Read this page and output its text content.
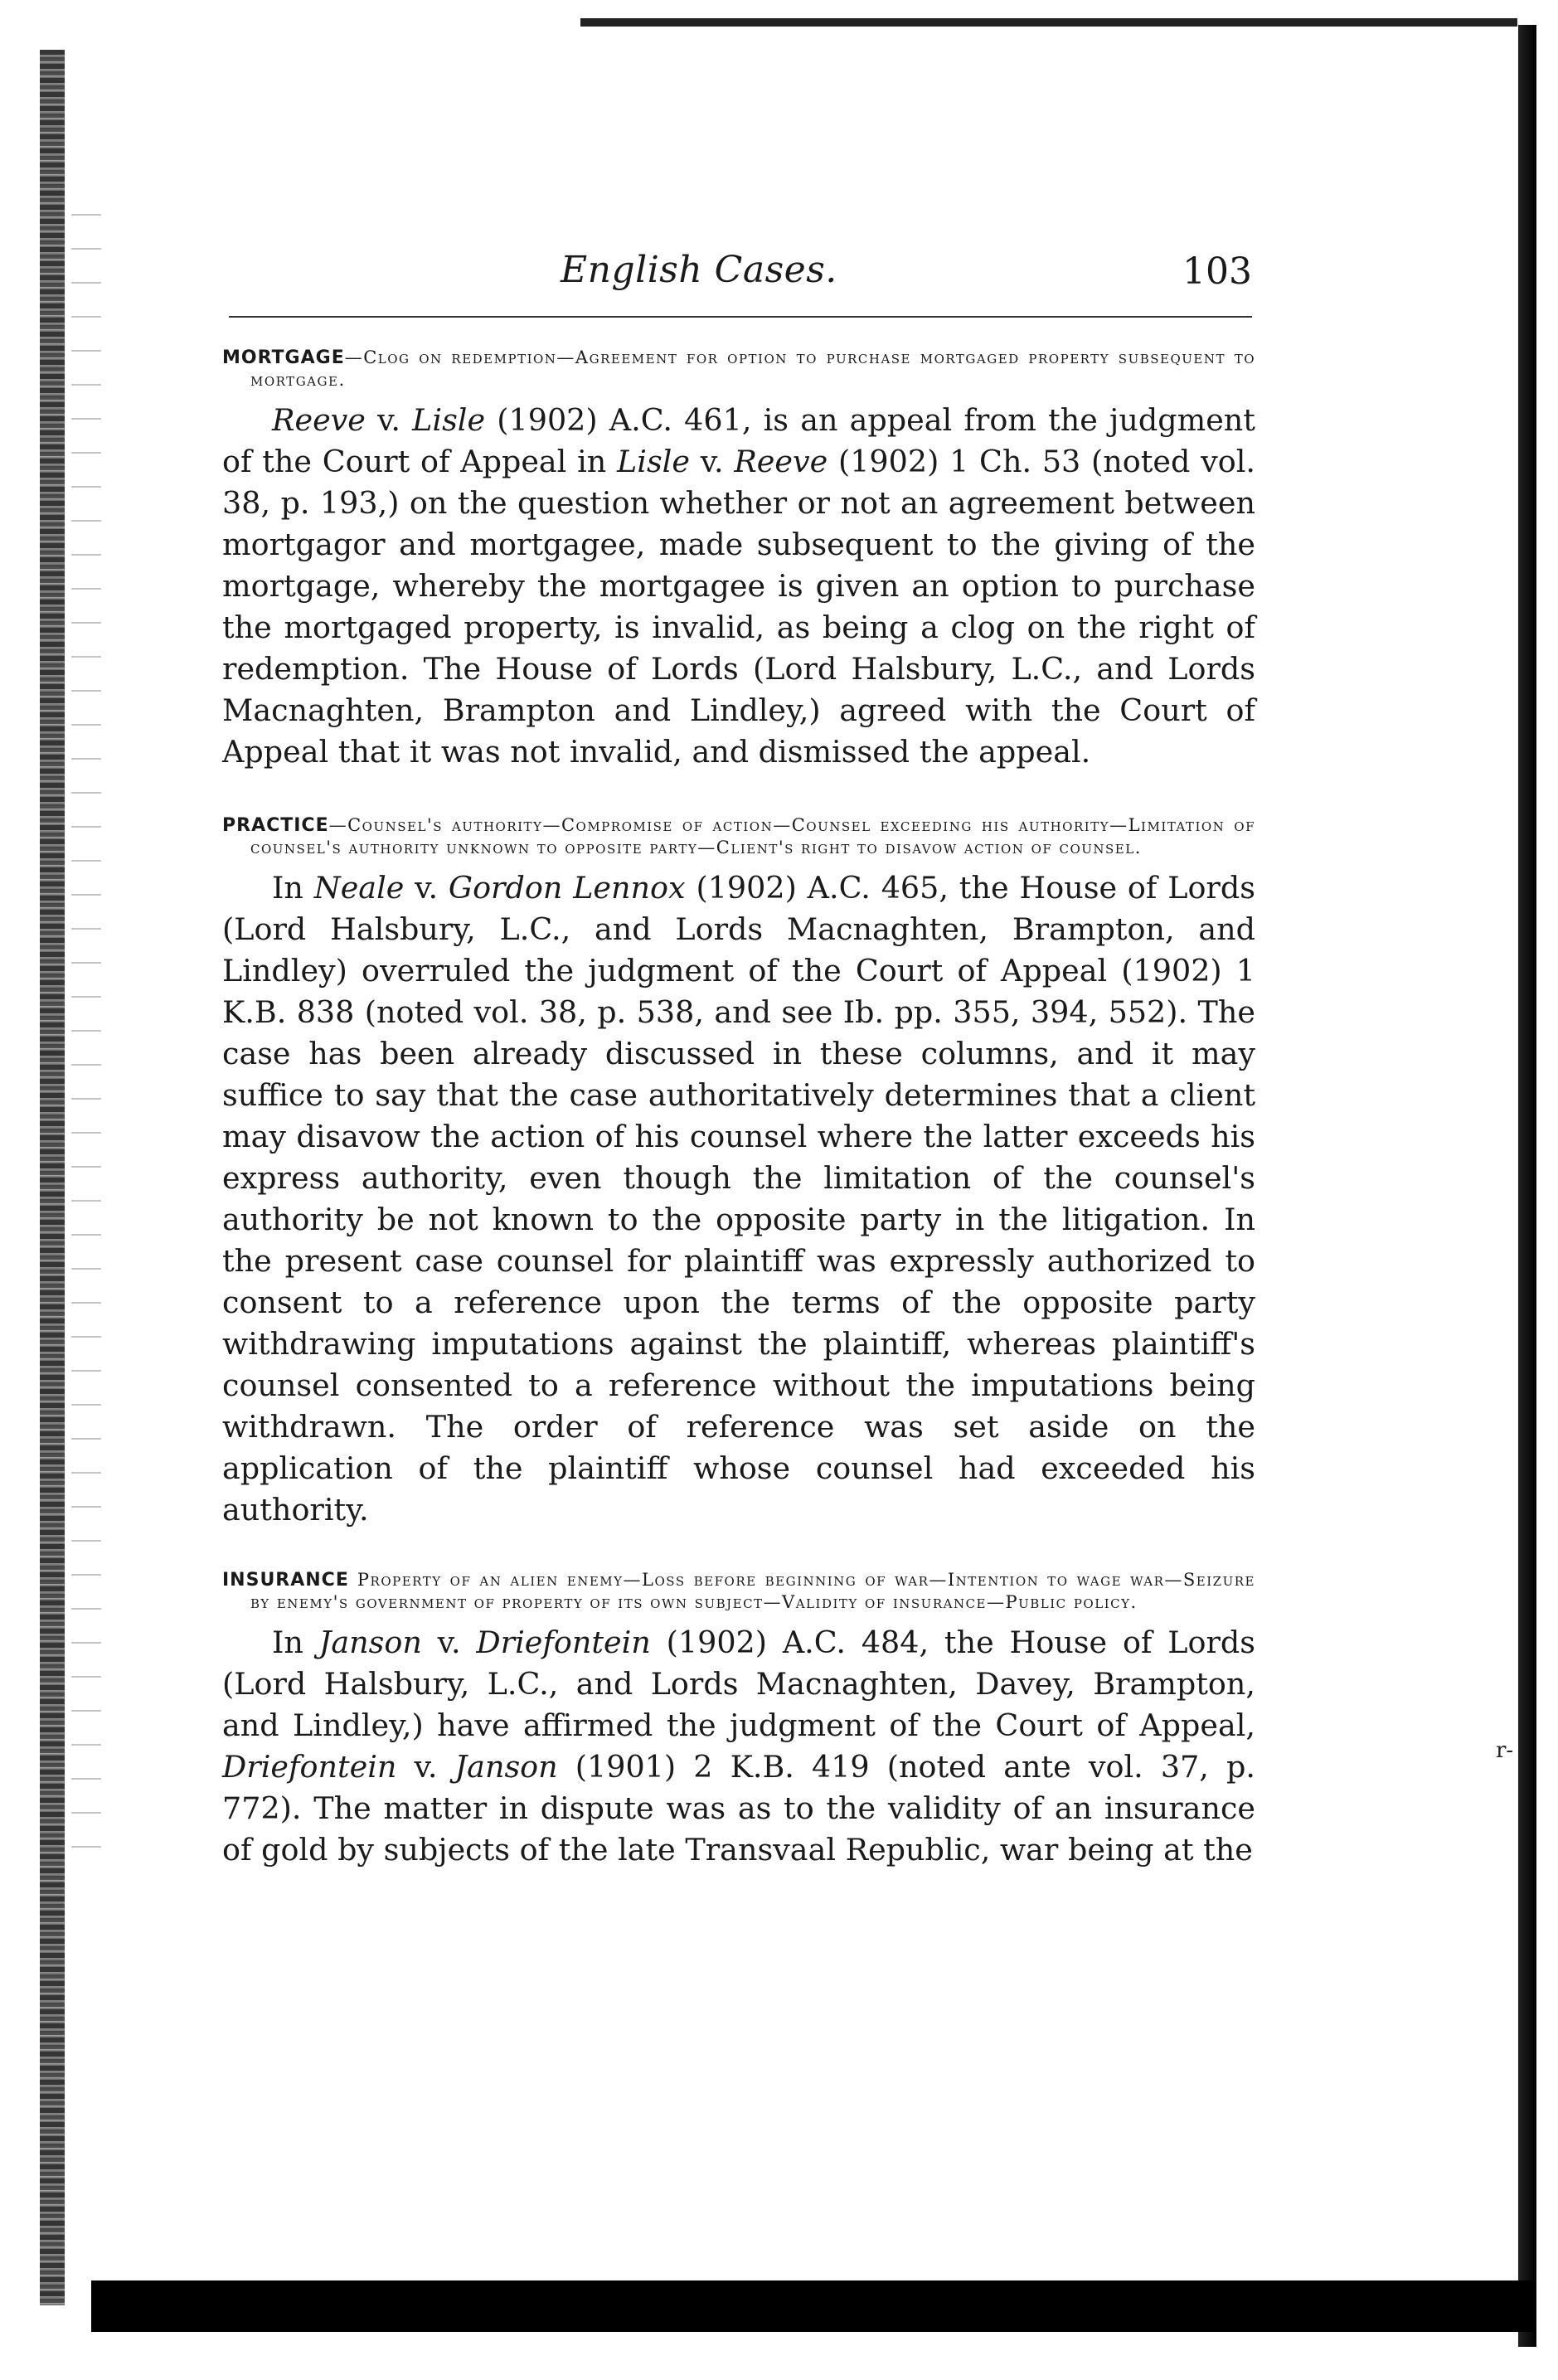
r-
English Cases.	103

MORTGAGE—Clog on redemption—Agreement for option to purchase mortgaged property subsequent to mortgage.

Reeve v. Lisle (1902) A.C. 461, is an appeal from the judgment of the Court of Appeal in Lisle v. Reeve (1902) 1 Ch. 53 (noted vol. 38, p. 193,) on the question whether or not an agreement between mortgagor and mortgagee, made subsequent to the giving of the mortgage, whereby the mortgagee is given an option to purchase the mortgaged property, is invalid, as being a clog on the right of redemption. The House of Lords (Lord Halsbury, L.C., and Lords Macnaghten, Brampton and Lindley,) agreed with the Court of Appeal that it was not invalid, and dismissed the appeal.

PRACTICE—Counsel's authority—Compromise of action—Counsel exceeding his authority—Limitation of counsel's authority unknown to opposite party—Client's right to disavow action of counsel.

In Neale v. Gordon Lennox (1902) A.C. 465, the House of Lords (Lord Halsbury, L.C., and Lords Macnaghten, Brampton, and Lindley) overruled the judgment of the Court of Appeal (1902) 1 K.B. 838 (noted vol. 38, p. 538, and see Ib. pp. 355, 394, 552). The case has been already discussed in these columns, and it may suffice to say that the case authoritatively determines that a client may disavow the action of his counsel where the latter exceeds his express authority, even though the limitation of the counsel's authority be not known to the opposite party in the litigation. In the present case counsel for plaintiff was expressly authorized to consent to a reference upon the terms of the opposite party withdrawing imputations against the plaintiff, whereas plaintiff's counsel consented to a reference without the imputations being withdrawn. The order of reference was set aside on the application of the plaintiff whose counsel had exceeded his authority.

INSURANCE Property of an alien enemy—Loss before beginning of war—Intention to wage war—Seizure by enemy's government of property of its own subject—Validity of insurance—Public policy.

In Janson v. Driefontein (1902) A.C. 484, the House of Lords (Lord Halsbury, L.C., and Lords Macnaghten, Davey, Brampton, and Lindley,) have affirmed the judgment of the Court of Appeal, Driefontein v. Janson (1901) 2 K.B. 419 (noted ante vol. 37, p. 772). The matter in dispute was as to the validity of an insurance of gold by subjects of the late Transvaal Republic, war being at the
